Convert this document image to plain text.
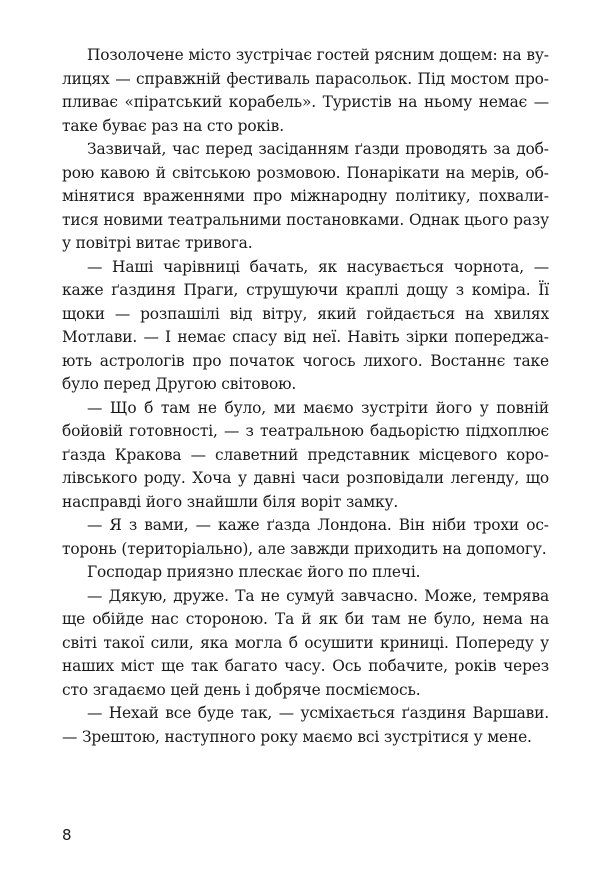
Позолочене місто зустрічає гостей рясним дощем: на вулицях — справжній фестиваль парасольок. Під мостом пропливає «піратський корабель». Туристів на ньому немає — таке буває раз на сто років.

Зазвичай, час перед засіданням ґазди проводять за доброю кавою й світською розмовою. Понарікати на мерів, обмінятися враженнями про міжнародну політику, похвалитися новими театральними постановками. Однак цього разу у повітрі витає тривога.

— Наші чарівниці бачать, як насувається чорнота, — каже ґаздиня Праги, струшуючи краплі дощу з коміра. Її щоки — розпашілі від вітру, який гойдається на хвилях Мотлави. — І немає спасу від неї. Навіть зірки попереджають астрологів про початок чогось лихого. Востаннє таке було перед Другою світовою.

— Що б там не було, ми маємо зустріти його у повній бойовій готовності, — з театральною бадьорістю підхоплює ґазда Кракова — славетний представник місцевого королівського роду. Хоча у давні часи розповідали легенду, що насправді його знайшли біля воріт замку.

— Я з вами, — каже ґазда Лондона. Він ніби трохи осторонь (територіально), але завжди приходить на допомогу.

Господар приязно плескає його по плечі.

— Дякую, друже. Та не сумуй завчасно. Може, темрява ще обійде нас стороною. Та й як би там не було, нема на світі такої сили, яка могла б осушити криниці. Попереду у наших міст ще так багато часу. Ось побачите, років через сто згадаємо цей день і добряче посміємось.

— Нехай все буде так, — усміхається ґаздиня Варшави. — Зрештою, наступного року маємо всі зустрітися у мене.

8
